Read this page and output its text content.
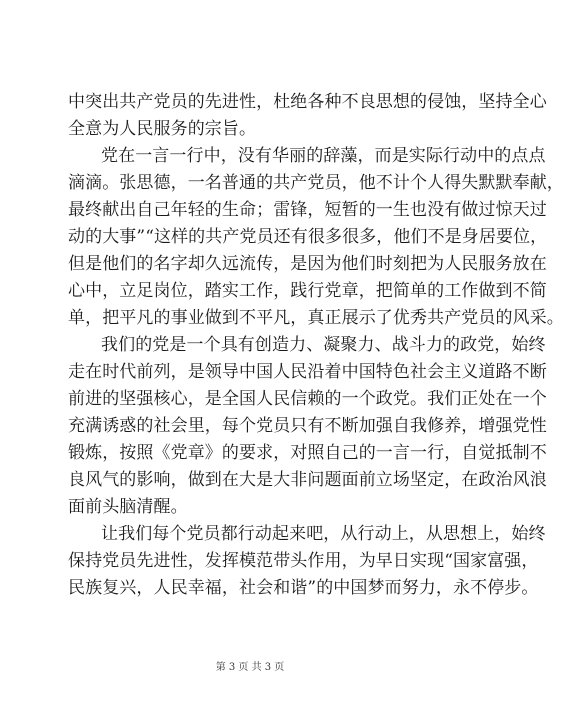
中突出共产党员的先进性，杜绝各种不良思想的侵蚀，坚持全心
全意为人民服务的宗旨。
党在一言一行中，没有华丽的辞藻，而是实际行动中的点点
滴滴。张思德，一名普通的共产党员，他不计个人得失默默奉献，
最终献出自己年轻的生命；雷锋，短暂的一生也没有做过惊天过
动的大事”“这样的共产党员还有很多很多，他们不是身居要位，
但是他们的名字却久远流传，是因为他们时刻把为人民服务放在
心中，立足岗位，踏实工作，践行党章，把简单的工作做到不简
单，把平凡的事业做到不平凡，真正展示了优秀共产党员的风采。
我们的党是一个具有创造力、凝聚力、战斗力的政党，始终
走在时代前列，是领导中国人民沿着中国特色社会主义道路不断
前进的坚强核心，是全国人民信赖的一个政党。我们正处在一个
充满诱惑的社会里，每个党员只有不断加强自我修养，增强党性
锻炼，按照《党章》的要求，对照自己的一言一行，自觉抵制不
良风气的影响，做到在大是大非问题面前立场坚定，在政治风浪
面前头脑清醒。
让我们每个党员都行动起来吧，从行动上，从思想上，始终
保持党员先进性，发挥模范带头作用，为早日实现“国家富强，
民族复兴，人民幸福，社会和谐”的中国梦而努力，永不停步。
第 3 页 共 3 页
